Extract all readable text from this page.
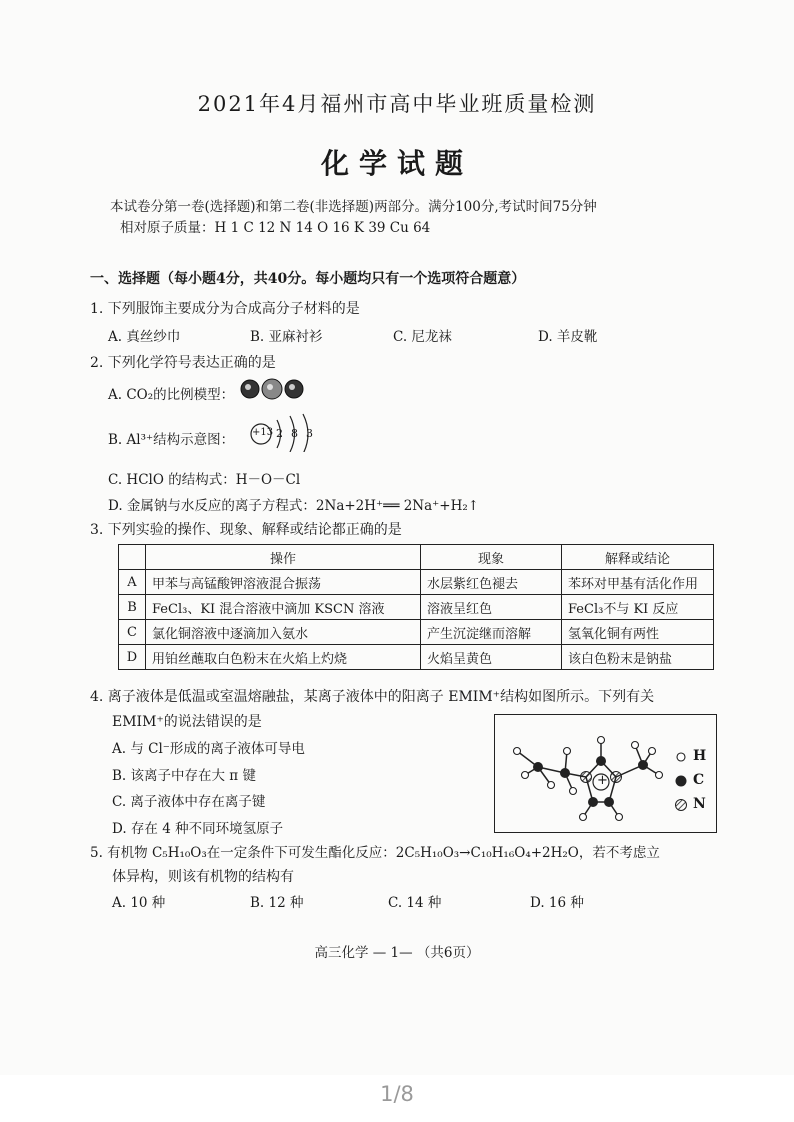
2021年4月福州市高中毕业班质量检测
化学试题
本试卷分第一卷(选择题)和第二卷(非选择题)两部分。满分100分,考试时间75分钟
相对原子质量：H 1 C 12 N 14 O 16 K 39 Cu 64
一、选择题（每小题4分，共40分。每小题均只有一个选项符合题意）
1. 下列服饰主要成分为合成高分子材料的是
A. 真丝纱巾	B. 亚麻衬衫	C. 尼龙袜	D. 羊皮靴
2. 下列化学符号表达正确的是
A. CO₂的比例模型：
B. Al³⁺结构示意图： +13 2 8 3
C. HClO 的结构式：H－O－Cl
D. 金属钠与水反应的离子方程式：2Na+2H⁺══ 2Na⁺+H₂↑
3. 下列实验的操作、现象、解释或结论都正确的是
	操作	现象	解释或结论
A	甲苯与高锰酸钾溶液混合振荡	水层紫红色褪去	苯环对甲基有活化作用
B	FeCl₃、KI 混合溶液中滴加 KSCN 溶液	溶液呈红色	FeCl₃不与 KI 反应
C	氯化铜溶液中逐滴加入氨水	产生沉淀继而溶解	氢氧化铜有两性
D	用铂丝蘸取白色粉末在火焰上灼烧	火焰呈黄色	该白色粉末是钠盐
4. 离子液体是低温或室温熔融盐，某离子液体中的阳离子 EMIM⁺结构如图所示。下列有关
EMIM⁺的说法错误的是
A. 与 Cl⁻形成的离子液体可导电
B. 该离子中存在大 π 键
C. 离子液体中存在离子键
D. 存在 4 种不同环境氢原子
+
H
C
N
5. 有机物 C₅H₁₀O₃在一定条件下可发生酯化反应：2C₅H₁₀O₃→C₁₀H₁₆O₄+2H₂O，若不考虑立
体异构，则该有机物的结构有
A. 10 种	B. 12 种	C. 14 种	D. 16 种
高三化学 — 1— （共6页）
1/8
